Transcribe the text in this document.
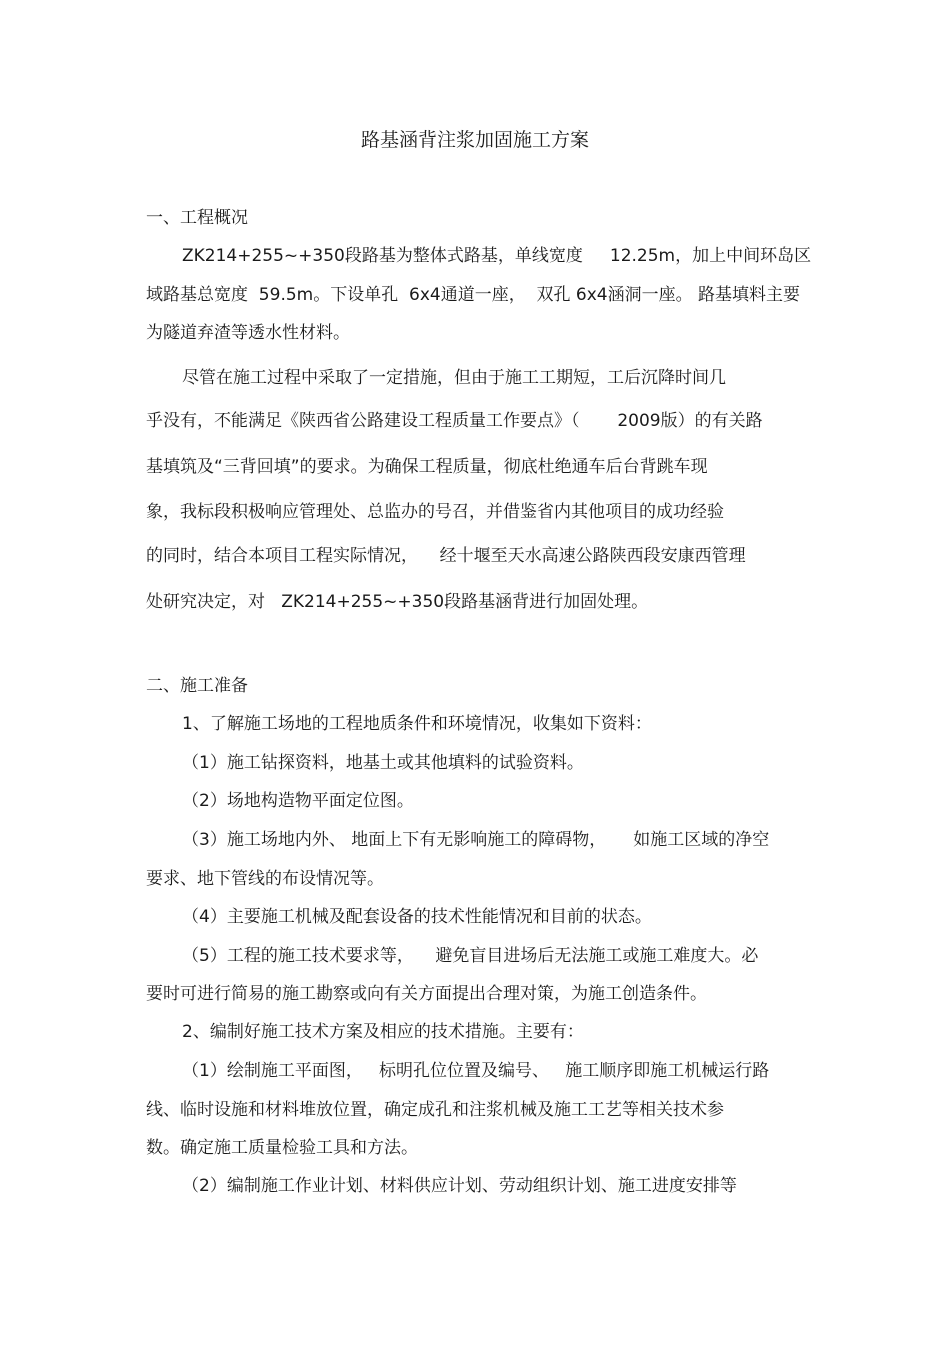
路基涵背注浆加固施工方案
一、工程概况
ZK214+255~+350段路基为整体式路基，单线宽度     12.25m，加上中间环岛区
域路基总宽度  59.5m。下设单孔  6x4通道一座，  双孔 6x4涵洞一座。 路基填料主要
为隧道弃渣等透水性材料。
尽管在施工过程中采取了一定措施，但由于施工工期短，工后沉降时间几
乎没有，不能满足《陕西省公路建设工程质量工作要点》（       2009版）的有关路
基填筑及“三背回填”的要求。为确保工程质量，彻底杜绝通车后台背跳车现
象，我标段积极响应管理处、总监办的号召，并借鉴省内其他项目的成功经验
的同时，结合本项目工程实际情况，    经十堰至天水高速公路陕西段安康西管理
处研究决定，对   ZK214+255~+350段路基涵背进行加固处理。
二、施工准备
1、了解施工场地的工程地质条件和环境情况，收集如下资料：
（1）施工钻探资料，地基土或其他填料的试验资料。
（2）场地构造物平面定位图。
（3）施工场地内外、 地面上下有无影响施工的障碍物，     如施工区域的净空
要求、地下管线的布设情况等。
（4）主要施工机械及配套设备的技术性能情况和目前的状态。
（5）工程的施工技术要求等，    避免盲目进场后无法施工或施工难度大。必
要时可进行简易的施工勘察或向有关方面提出合理对策，为施工创造条件。
2、编制好施工技术方案及相应的技术措施。主要有：
（1）绘制施工平面图，   标明孔位位置及编号、   施工顺序即施工机械运行路
线、临时设施和材料堆放位置，确定成孔和注浆机械及施工工艺等相关技术参
数。确定施工质量检验工具和方法。
（2）编制施工作业计划、材料供应计划、劳动组织计划、施工进度安排等
